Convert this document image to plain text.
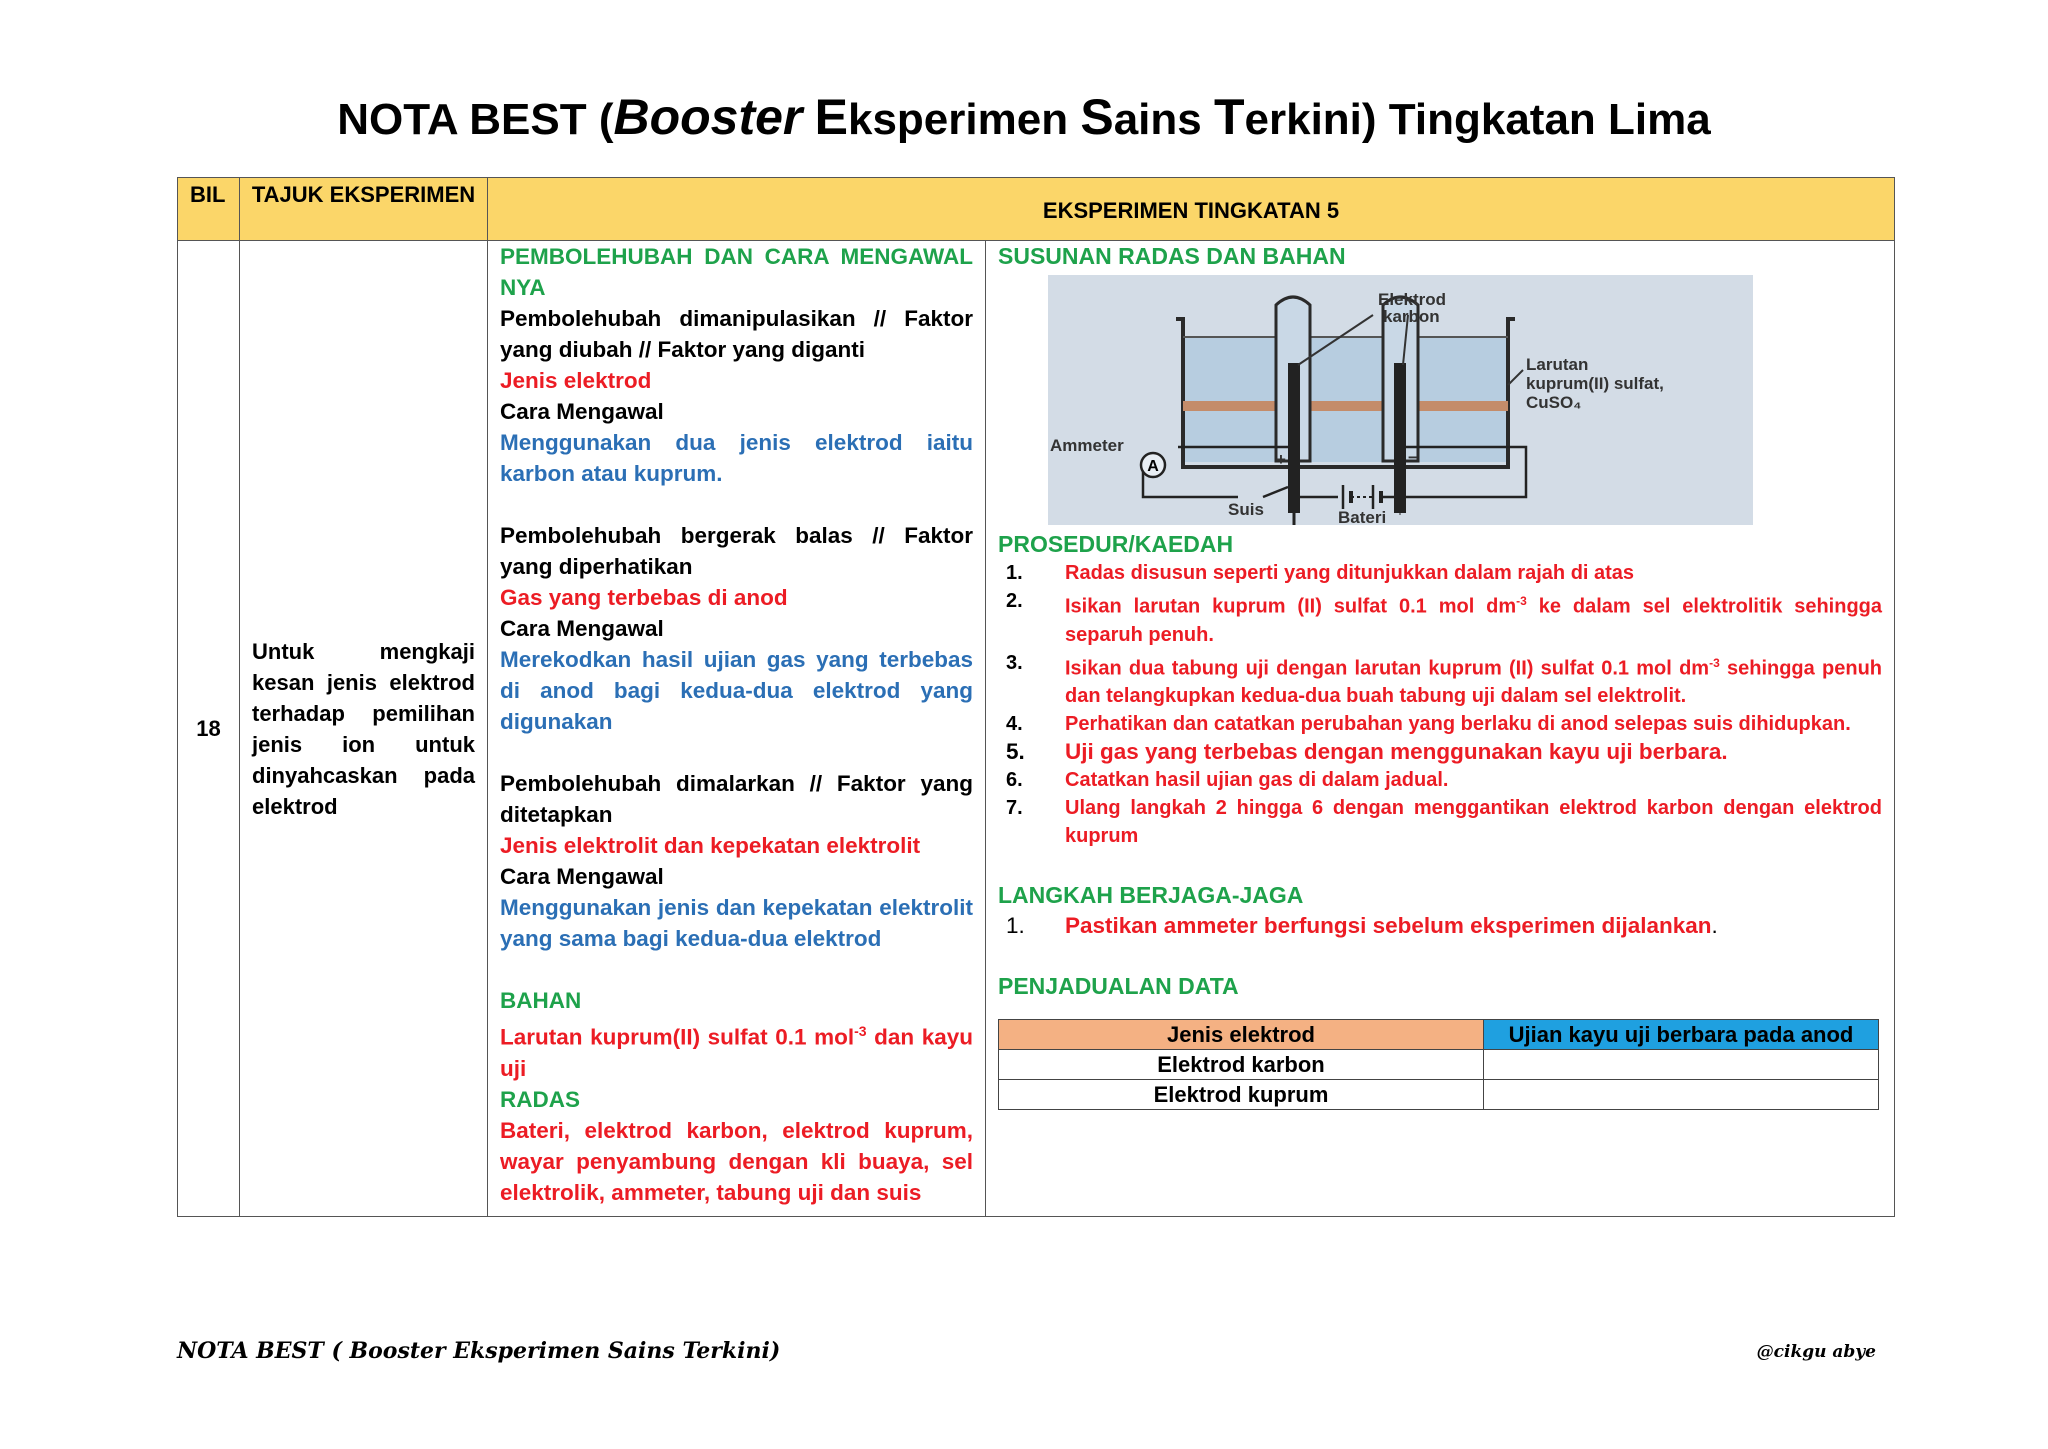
NOTA BEST (Booster Eksperimen Sains Terkini) Tingkatan Lima
BIL	TAJUK EKSPERIMEN	EKSPERIMEN TINGKATAN 5
18	Untuk mengkaji kesan jenis elektrod terhadap pemilihan jenis ion untuk dinyahcaskan pada elektrod	

PEMBOLEHUBAH DAN CARA MENGAWAL NYA

Pembolehubah dimanipulasikan // Faktor yang diubah // Faktor yang diganti

Jenis elektrod

Cara Mengawal

Menggunakan dua jenis elektrod iaitu karbon atau kuprum.

Pembolehubah bergerak balas // Faktor yang diperhatikan

Gas yang terbebas di anod

Cara Mengawal

Merekodkan hasil ujian gas yang terbebas di anod bagi kedua-dua elektrod yang digunakan

Pembolehubah dimalarkan // Faktor yang ditetapkan

Jenis elektrolit dan kepekatan elektrolit

Cara Mengawal

Menggunakan jenis dan kepekatan elektrolit yang sama bagi kedua-dua elektrod

BAHAN

Larutan kuprum(II) sulfat 0.1 mol$^{-3}$ dan kayu uji

RADAS

Bateri, elektrod karbon, elektrod kuprum, wayar penyambung dengan kli buaya, sel elektrolik, ammeter, tabung uji dan suis

SUSUNAN RADAS DAN BAHAN

A
Elektrod
karbon
Larutan
kuprum(II) sulfat,
CuSO₄
Ammeter
+	−
Suis	Bateri

PROSEDUR/KAEDAH

1.	Radas disusun seperti yang ditunjukkan dalam rajah di atas
2.	Isikan larutan kuprum (II) sulfat 0.1 mol $dm^{-3}$ ke dalam sel elektrolitik sehingga separuh penuh.
3.	Isikan dua tabung uji dengan larutan kuprum (II) sulfat 0.1 mol $dm^{-3}$ sehingga penuh dan telangkupkan kedua-dua buah tabung uji dalam sel elektrolit.
4.	Perhatikan dan catatkan perubahan yang berlaku di anod selepas suis dihidupkan.
5.	Uji gas yang terbebas dengan menggunakan kayu uji berbara.
6.	Catatkan hasil ujian gas di dalam jadual.
7.	Ulang langkah 2 hingga 6 dengan menggantikan elektrod karbon dengan elektrod kuprum

LANGKAH BERJAGA-JAGA

1.	Pastikan ammeter berfungsi sebelum eksperimen dijalankan.

PENJADUALAN DATA

Jenis elektrod	Ujian kayu uji berbara pada anod
Elektrod karbon	
Elektrod kuprum	
NOTA BEST ( Booster Eksperimen Sains Terkini)	@cikgu abye
